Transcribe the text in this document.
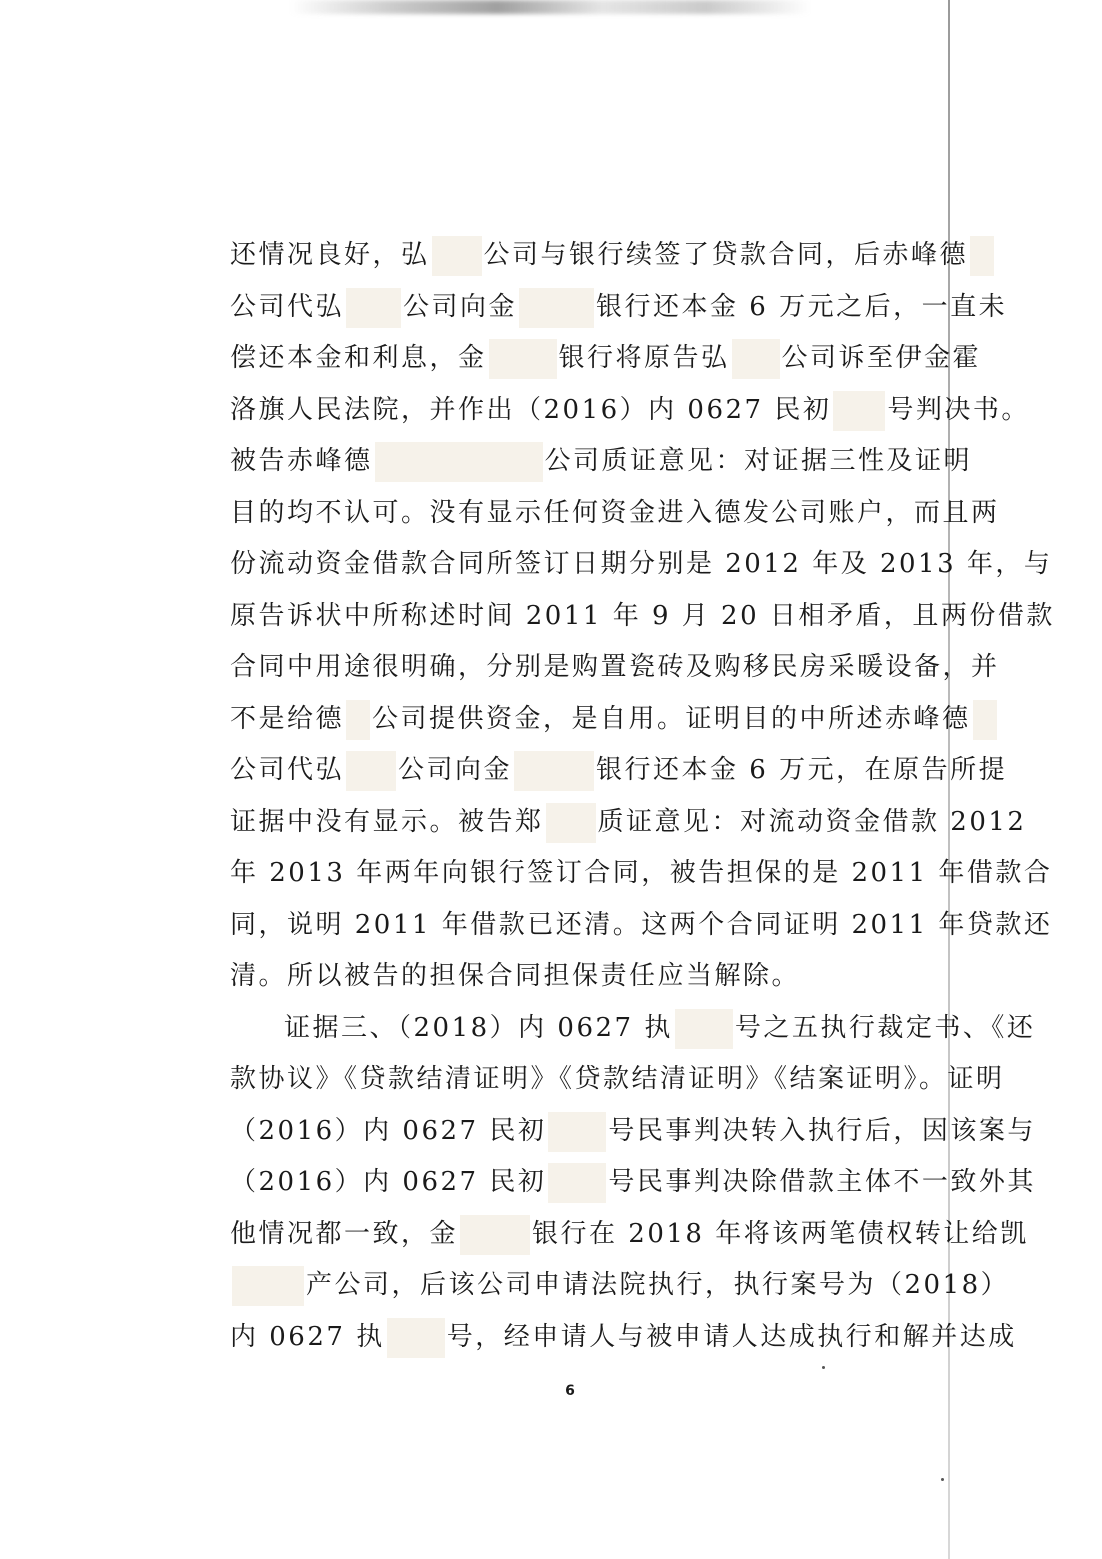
还情况良好，弘 公司与银行续签了贷款合同，后赤峰德
公司代弘 公司向金	银行还本金 6 万元之后，一直未
偿还本金和利息，金	银行将原告弘 公司诉至伊金霍
洛旗人民法院，并作出（2016）内 0627 民初 号判决书。
被告赤峰德	公司质证意见：对证据三性及证明
目的均不认可。没有显示任何资金进入德发公司账户，而且两
份流动资金借款合同所签订日期分别是 2012 年及 2013 年，与
原告诉状中所称述时间 2011 年 9 月 20 日相矛盾，且两份借款
合同中用途很明确，分别是购置瓷砖及购移民房采暖设备，并
不是给德 公司提供资金，是自用。证明目的中所述赤峰德
公司代弘 公司向金	银行还本金 6 万元，在原告所提
证据中没有显示。被告郑 质证意见：对流动资金借款 2012
年 2013 年两年向银行签订合同，被告担保的是 2011 年借款合
同，说明 2011 年借款已还清。这两个合同证明 2011 年贷款还
清。所以被告的担保合同担保责任应当解除。
证据三、（2018）内 0627 执 号之五执行裁定书、《还
款协议》《贷款结清证明》《贷款结清证明》《结案证明》。证明
（2016）内 0627 民初 号民事判决转入执行后，因该案与
（2016）内 0627 民初 号民事判决除借款主体不一致外其
他情况都一致，金	银行在 2018 年将该两笔债权转让给凯
产公司，后该公司申请法院执行，执行案号为（2018）
内 0627 执 号，经申请人与被申请人达成执行和解并达成
6
